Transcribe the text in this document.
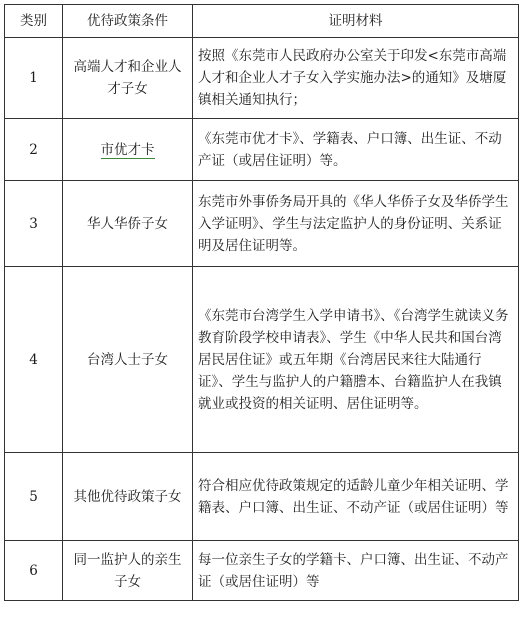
类别	优待政策条件	证明材料
1	高端人才和企业人才子女	按照《东莞市人民政府办公室关于印发<东莞市高端人才和企业人才子女入学实施办法>的通知》及塘厦镇相关通知执行；
2	市优才卡	《东莞市优才卡》、学籍表、户口簿、出生证、不动产证（或居住证明）等。
3	华人华侨子女	东莞市外事侨务局开具的《华人华侨子女及华侨学生入学证明》、学生与法定监护人的身份证明、关系证明及居住证明等。
4	台湾人士子女	《东莞市台湾学生入学申请书》、《台湾学生就读义务教育阶段学校申请表》、学生《中华人民共和国台湾居民居住证》或五年期《台湾居民来往大陆通行证》、学生与监护人的户籍謄本、台籍监护人在我镇就业或投资的相关证明、居住证明等。
5	其他优待政策子女	符合相应优待政策规定的适龄儿童少年相关证明、学籍表、户口簿、出生证、不动产证（或居住证明）等
6	同一监护人的亲生子女	每一位亲生子女的学籍卡、户口簿、出生证、不动产证（或居住证明）等
